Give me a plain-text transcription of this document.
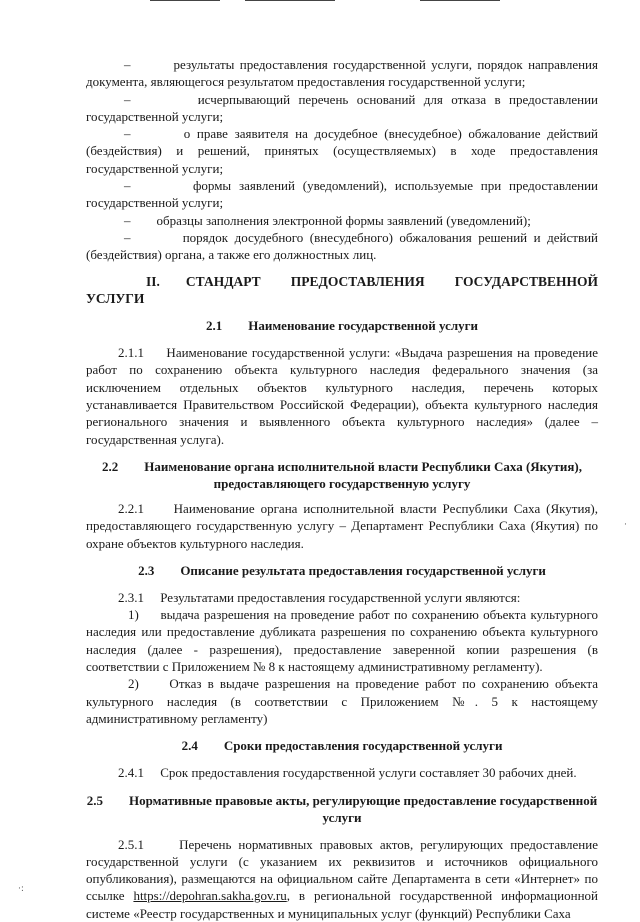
–        результаты предоставления государственной услуги, порядок направления документа, являющегося результатом предоставления государственной услуги;

–        исчерпывающий перечень оснований для отказа в предоставлении государственной услуги;

–        о праве заявителя на досудебное (внесудебное) обжалование действий (бездействия) и решений, принятых (осуществляемых) в ходе предоставления государственной услуги;

–        формы заявлений (уведомлений), используемые при предоставлении государственной услуги;

–        образцы заполнения электронной формы заявлений (уведомлений);

–        порядок досудебного (внесудебного) обжалования решений и действий (бездействия) органа, а также его должностных лиц.

II. СТАНДАРТ ПРЕДОСТАВЛЕНИЯ ГОСУДАРСТВЕННОЙ УСЛУГИ

2.1 Наименование государственной услуги

2.1.1     Наименование государственной услуги: «Выдача разрешения на проведение работ по сохранению объекта культурного наследия федерального значения (за исключением отдельных объектов культурного наследия, перечень которых устанавливается Правительством Российской Федерации), объекта культурного наследия регионального значения и выявленного объекта культурного наследия» (далее – государственная услуга).

2.2 Наименование органа исполнительной власти Республики Саха (Якутия),
предоставляющего государственную услугу

2.2.1     Наименование органа исполнительной власти Республики Саха (Якутия), предоставляющего государственную услугу – Департамент Республики Саха (Якутия) по охране объектов культурного наследия.

2.3 Описание результата предоставления государственной услуги

2.3.1     Результатами предоставления государственной услуги являются:

1)     выдача разрешения на проведение работ по сохранению объекта культурного наследия или предоставление дубликата разрешения по сохранению объекта культурного наследия (далее - разрешения), предоставление заверенной копии разрешения (в соответствии с Приложением № 8 к настоящему административному регламенту).

2)     Отказ в выдаче разрешения на проведение работ по сохранению объекта культурного наследия (в соответствии с Приложением №. 5 к настоящему административному регламенту)

2.4 Сроки предоставления государственной услуги

2.4.1     Срок предоставления государственной услуги составляет 30 рабочих дней.

2.5 Нормативные правовые акты, регулирующие предоставление государственной
услуги

2.5.1     Перечень нормативных правовых актов, регулирующих предоставление государственной услуги (с указанием их реквизитов и источников официального опубликования), размещаются на официальном сайте Департамента в сети «Интернет» по ссылке https://depohran.sakha.gov.ru, в региональной государственной информационной системе «Реестр государственных и муниципальных услуг (функций) Республики Саха

·
·:
